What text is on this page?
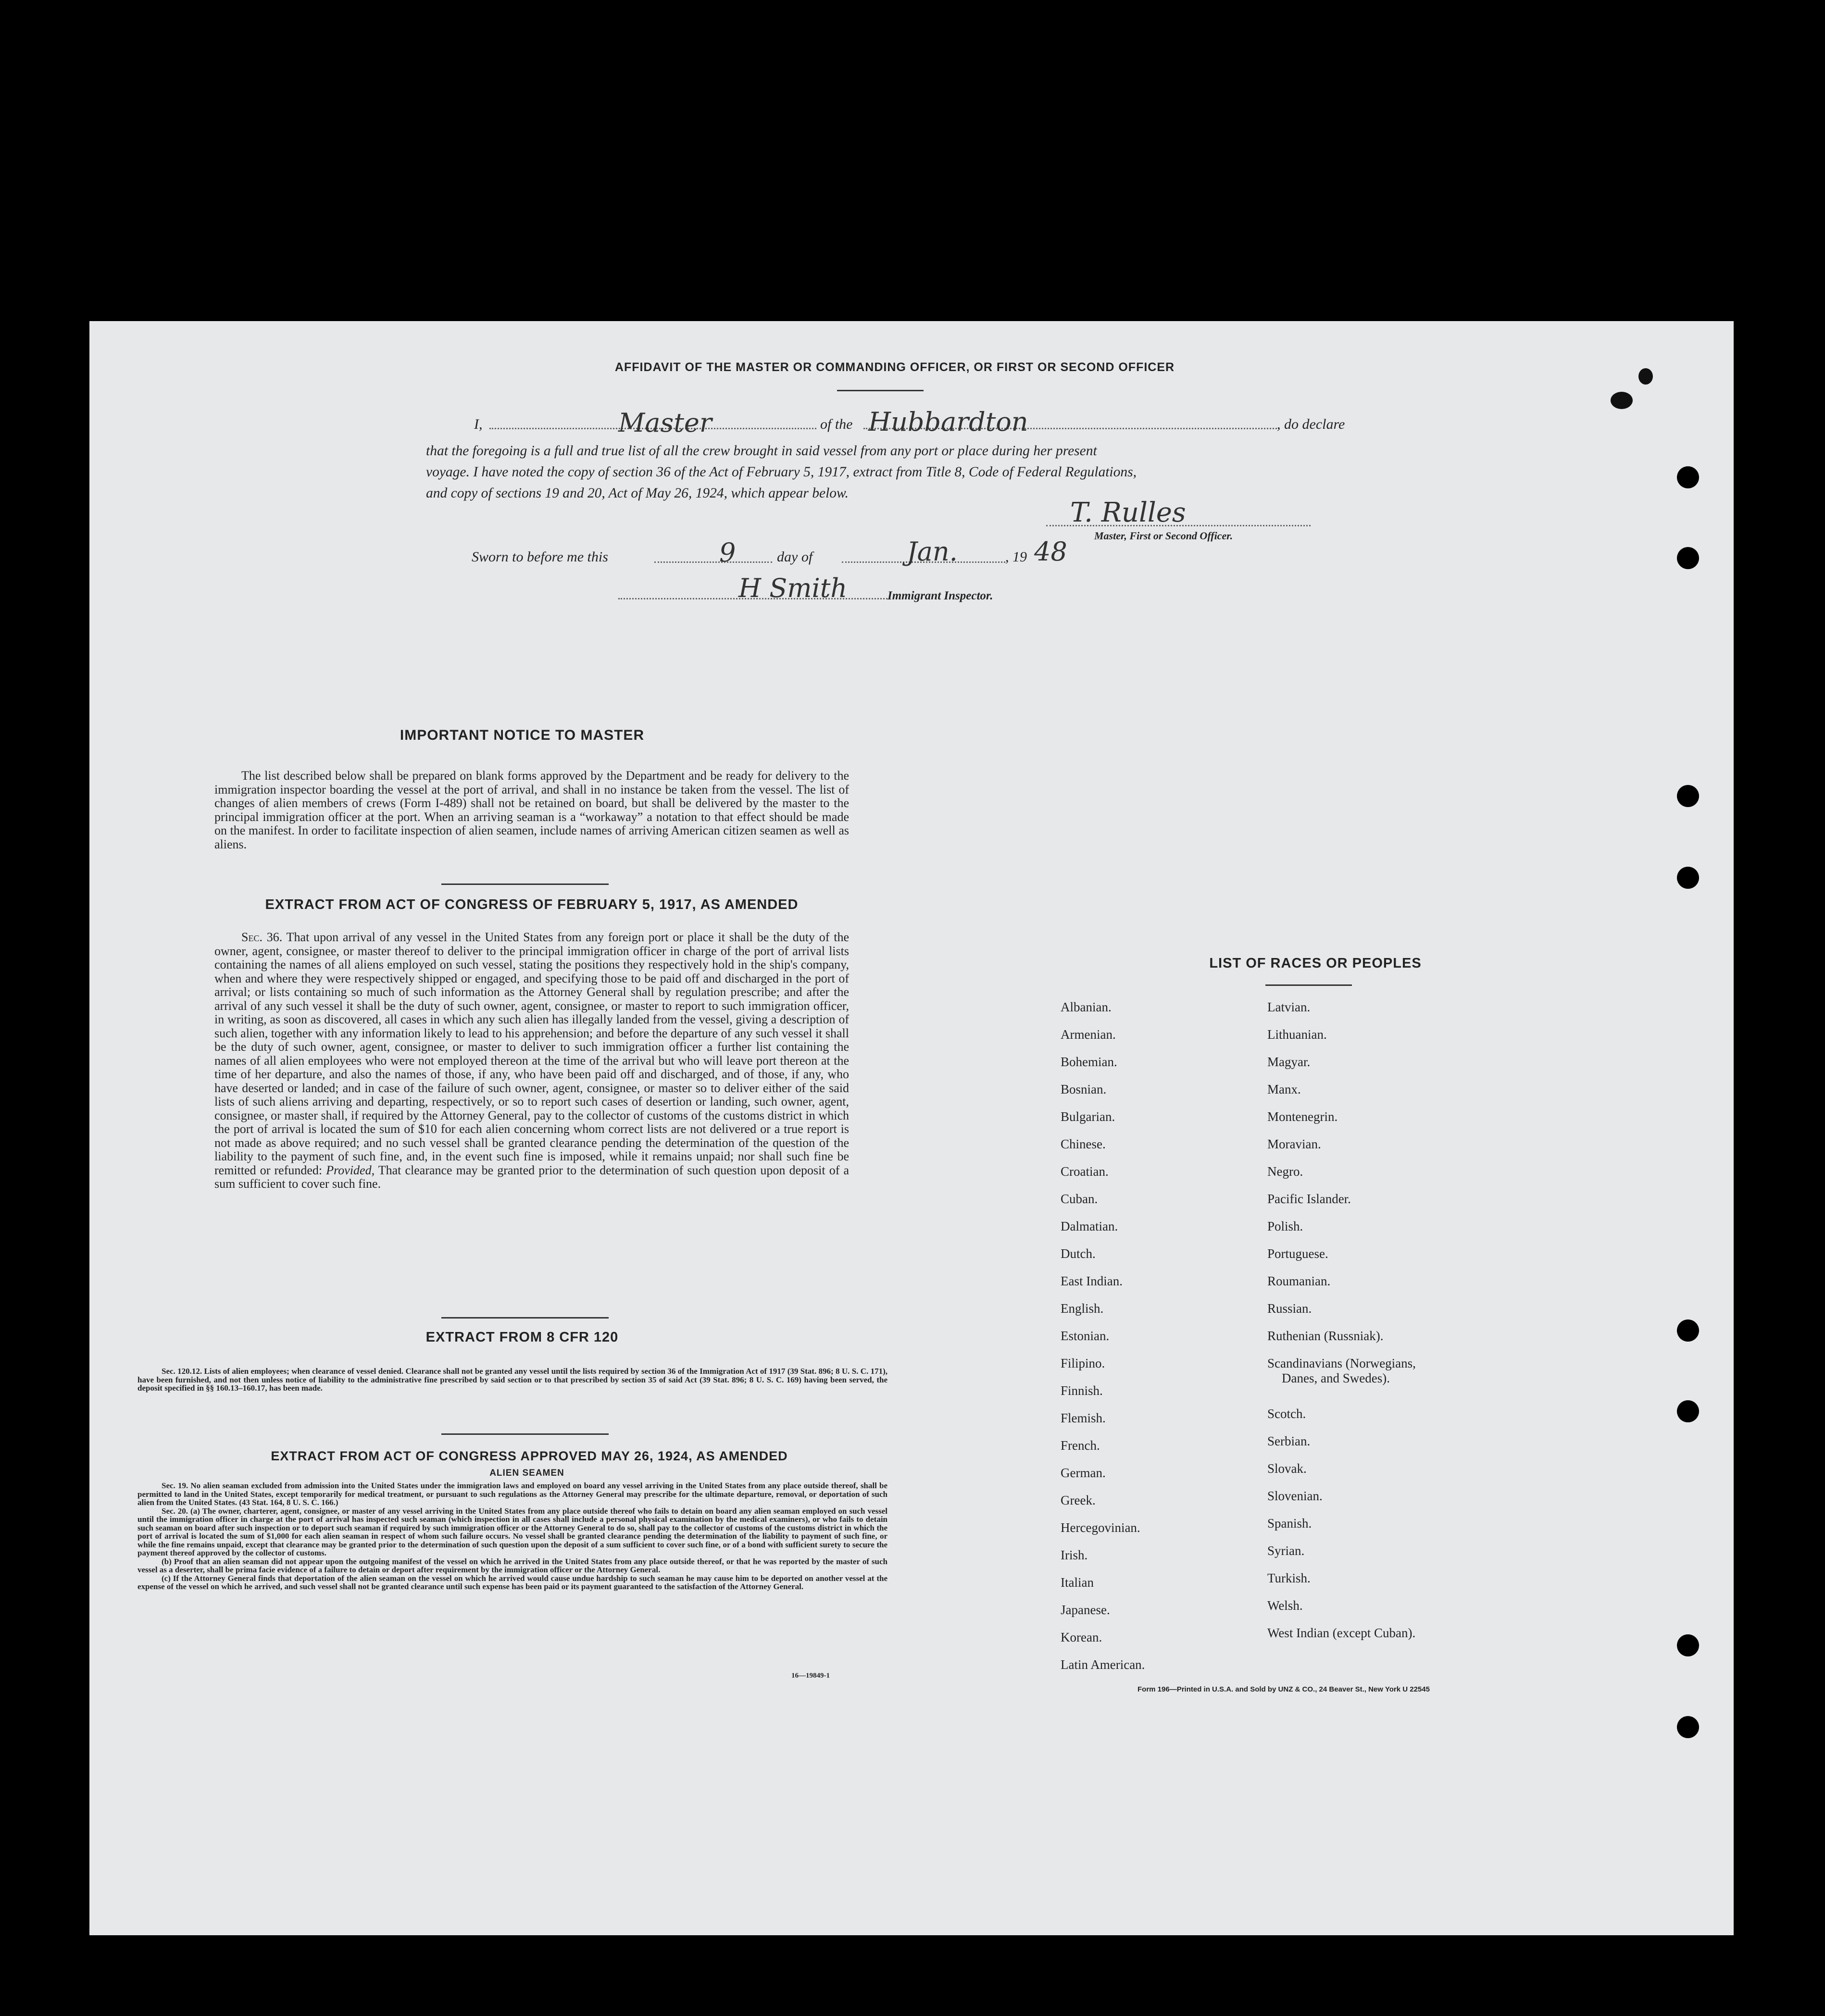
AFFIDAVIT OF THE MASTER OR COMMANDING OFFICER, OR FIRST OR SECOND OFFICER
I,	Master	of the Hubbardton	, do declare
that the foregoing is a full and true list of all the crew brought in said vessel from any port or place during her present
voyage. I have noted the copy of section 36 of the Act of February 5, 1917, extract from Title 8, Code of Federal Regulations,
and copy of sections 19 and 20, Act of May 26, 1924, which appear below.
T. Rulles
Master, First or Second Officer.
Sworn to before me this	9	day of	Jan.	, 19 48
H Smith	Immigrant Inspector.
IMPORTANT NOTICE TO MASTER
The list described below shall be prepared on blank forms approved by the Department and be ready for delivery to the immigration inspector boarding the vessel at the port of arrival, and shall in no instance be taken from the vessel. The list of changes of alien members of crews (Form I-489) shall not be retained on board, but shall be delivered by the master to the principal immigration officer at the port. When an arriving seaman is a “workaway” a notation to that effect should be made on the manifest. In order to facilitate inspection of alien seamen, include names of arriving American citizen seamen as well as aliens.
EXTRACT FROM ACT OF CONGRESS OF FEBRUARY 5, 1917, AS AMENDED
Sec. 36. That upon arrival of any vessel in the United States from any foreign port or place it shall be the duty of the owner, agent, consignee, or master thereof to deliver to the principal immigration officer in charge of the port of arrival lists containing the names of all aliens employed on such vessel, stating the positions they respectively hold in the ship's company, when and where they were respectively shipped or engaged, and specifying those to be paid off and discharged in the port of arrival; or lists containing so much of such information as the Attorney General shall by regulation prescribe; and after the arrival of any such vessel it shall be the duty of such owner, agent, consignee, or master to report to such immigration officer, in writing, as soon as discovered, all cases in which any such alien has illegally landed from the vessel, giving a description of such alien, together with any information likely to lead to his apprehension; and before the departure of any such vessel it shall be the duty of such owner, agent, consignee, or master to deliver to such immigration officer a further list containing the names of all alien employees who were not employed thereon at the time of the arrival but who will leave port thereon at the time of her departure, and also the names of those, if any, who have been paid off and discharged, and of those, if any, who have deserted or landed; and in case of the failure of such owner, agent, consignee, or master so to deliver either of the said lists of such aliens arriving and departing, respectively, or so to report such cases of desertion or landing, such owner, agent, consignee, or master shall, if required by the Attorney General, pay to the collector of customs of the customs district in which the port of arrival is located the sum of $10 for each alien concerning whom correct lists are not delivered or a true report is not made as above required; and no such vessel shall be granted clearance pending the determination of the question of the liability to the payment of such fine, and, in the event such fine is imposed, while it remains unpaid; nor shall such fine be remitted or refunded: Provided, That clearance may be granted prior to the determination of such question upon deposit of a sum sufficient to cover such fine.
EXTRACT FROM 8 CFR 120
Sec. 120.12. Lists of alien employees; when clearance of vessel denied. Clearance shall not be granted any vessel until the lists required by section 36 of the Immigration Act of 1917 (39 Stat. 896; 8 U. S. C. 171), have been furnished, and not then unless notice of liability to the administrative fine prescribed by said section or to that prescribed by section 35 of said Act (39 Stat. 896; 8 U. S. C. 169) having been served, the deposit specified in §§ 160.13–160.17, has been made.
EXTRACT FROM ACT OF CONGRESS APPROVED MAY 26, 1924, AS AMENDED
ALIEN SEAMEN
Sec. 19. No alien seaman excluded from admission into the United States under the immigration laws and employed on board any vessel arriving in the United States from any place outside thereof, shall be permitted to land in the United States, except temporarily for medical treatment, or pursuant to such regulations as the Attorney General may prescribe for the ultimate departure, removal, or deportation of such alien from the United States. (43 Stat. 164, 8 U. S. C. 166.)
Sec. 20. (a) The owner, charterer, agent, consignee, or master of any vessel arriving in the United States from any place outside thereof who fails to detain on board any alien seaman employed on such vessel until the immigration officer in charge at the port of arrival has inspected such seaman (which inspection in all cases shall include a personal physical examination by the medical examiners), or who fails to detain such seaman on board after such inspection or to deport such seaman if required by such immigration officer or the Attorney General to do so, shall pay to the collector of customs of the customs district in which the port of arrival is located the sum of $1,000 for each alien seaman in respect of whom such failure occurs. No vessel shall be granted clearance pending the determination of the liability to payment of such fine, or while the fine remains unpaid, except that clearance may be granted prior to the determination of such question upon the deposit of a sum sufficient to cover such fine, or of a bond with sufficient surety to secure the payment thereof approved by the collector of customs.
(b) Proof that an alien seaman did not appear upon the outgoing manifest of the vessel on which he arrived in the United States from any place outside thereof, or that he was reported by the master of such vessel as a deserter, shall be prima facie evidence of a failure to detain or deport after requirement by the immigration officer or the Attorney General.
(c) If the Attorney General finds that deportation of the alien seaman on the vessel on which he arrived would cause undue hardship to such seaman he may cause him to be deported on another vessel at the expense of the vessel on which he arrived, and such vessel shall not be granted clearance until such expense has been paid or its payment guaranteed to the satisfaction of the Attorney General.
16—19849-1
LIST OF RACES OR PEOPLES
Albanian.
Armenian.
Bohemian.
Bosnian.
Bulgarian.
Chinese.
Croatian.
Cuban.
Dalmatian.
Dutch.
East Indian.
English.
Estonian.
Filipino.
Finnish.
Flemish.
French.
German.
Greek.
Hercegovinian.
Irish.
Italian
Japanese.
Korean.
Latin American.
Latvian.
Lithuanian.
Magyar.
Manx.
Montenegrin.
Moravian.
Negro.
Pacific Islander.
Polish.
Portuguese.
Roumanian.
Russian.
Ruthenian (Russniak).
Scandinavians (Norwegians,
Danes, and Swedes).
Scotch.
Serbian.
Slovak.
Slovenian.
Spanish.
Syrian.
Turkish.
Welsh.
West Indian (except Cuban).
Form 196—Printed in U.S.A. and Sold by UNZ & CO., 24 Beaver St., New York U 22545
